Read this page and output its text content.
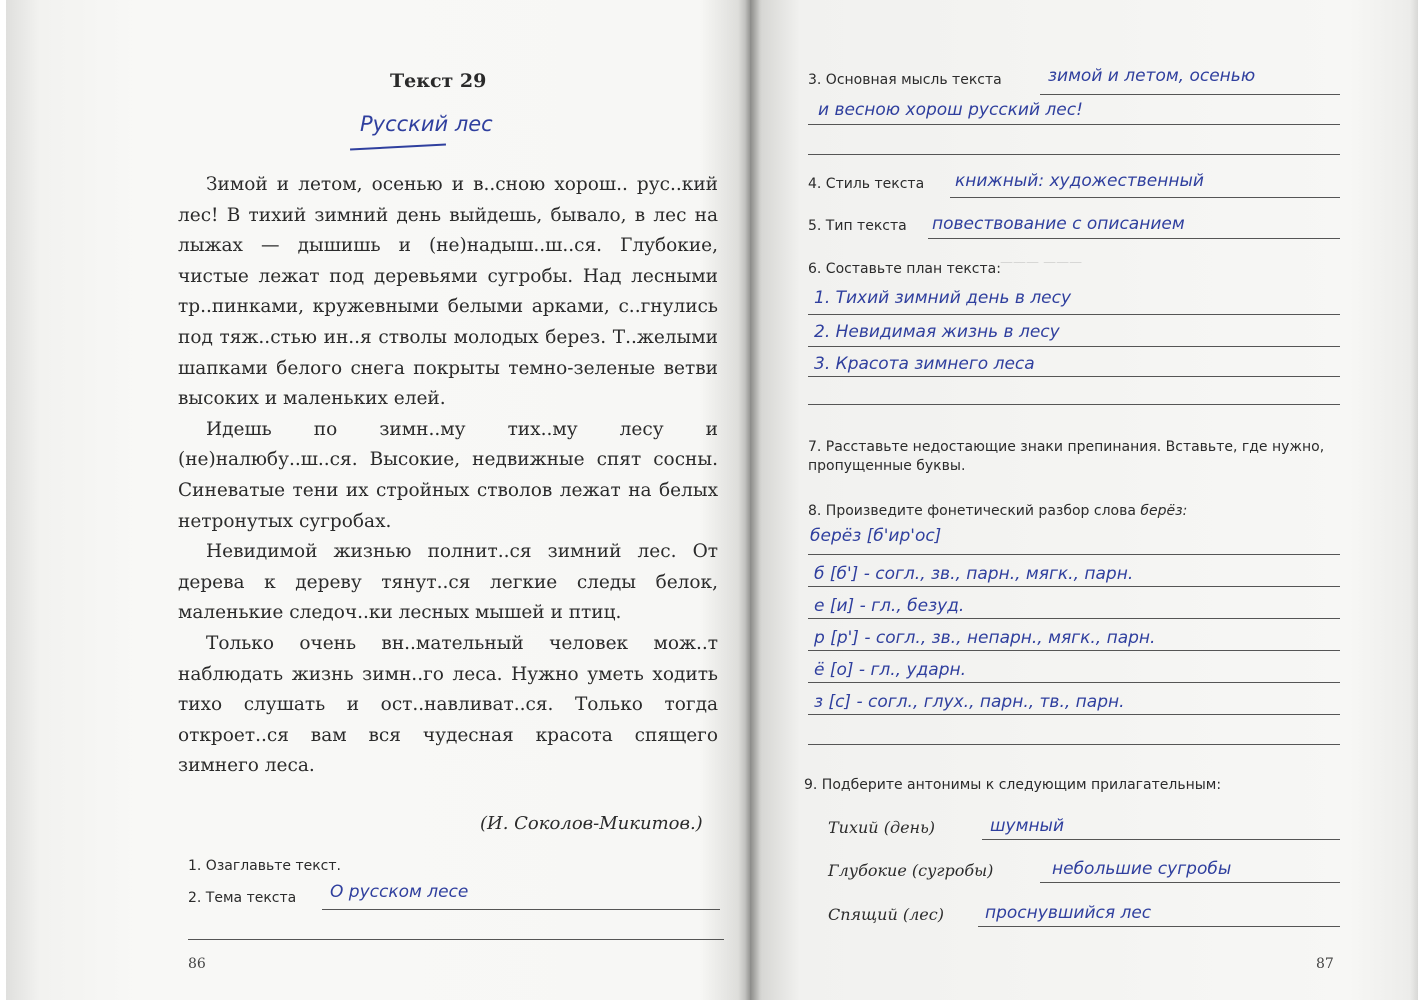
——— ———
Текст 29
Русский лес

Зимой и летом, осенью и в..сною хорош.. рус..кий лес! В тихий зимний день выйдешь, бывало, в лес на лыжах — дышишь и (не)надыш..ш..ся. Глубокие, чистые лежат под деревьями сугробы. Над лесными тр..пинками, кружевными белыми арками, с..гнулись под тяж..стью ин..я стволы молодых берез. Т..желыми шапками белого снега покрыты темно-зеленые ветви высоких и маленьких елей.

Идешь по зимн..му тих..му лесу и (не)налюбу..ш..ся. Высокие, недвижные спят сосны. Синеватые тени их стройных стволов лежат на белых нетронутых сугробах.

Невидимой жизнью полнит..ся зимний лес. От дерева к дереву тянут..ся легкие следы белок, маленькие следоч..ки лесных мышей и птиц.

Только очень вн..мательный человек мож..т наблюдать жизнь зимн..го леса. Нужно уметь ходить тихо слушать и ост..навливат..ся. Только тогда откроет..ся вам вся чудесная красота спящего зимнего леса.

(И. Соколов-Микитов.)
1. Озаглавьте текст.
2. Тема текста О русском лесе
86
3. Основная мысль текста	зимой и летом, осенью
и весною хорош русский лес!
4. Стиль текста книжный: художественный
5. Тип текста повествование с описанием
6. Составьте план текста:
1. Тихий зимний день в лесу
2. Невидимая жизнь в лесу
3. Красота зимнего леса
7. Расставьте недостающие знаки препинания. Вставьте, где нужно, пропущенные буквы.
8. Произведите фонетический разбор слова берёз:
берёз [б'ир'ос]
б [б'] - согл., зв., парн., мягк., парн.
е [и] - гл., безуд.
р [р'] - согл., зв., непарн., мягк., парн.
ё [о] - гл., ударн.
з [с] - согл., глух., парн., тв., парн.
9. Подберите антонимы к следующим прилагательным:
Тихий (день)	шумный
Глубокие (сугробы)	небольшие сугробы
Спящий (лес) проснувшийся лес
87
